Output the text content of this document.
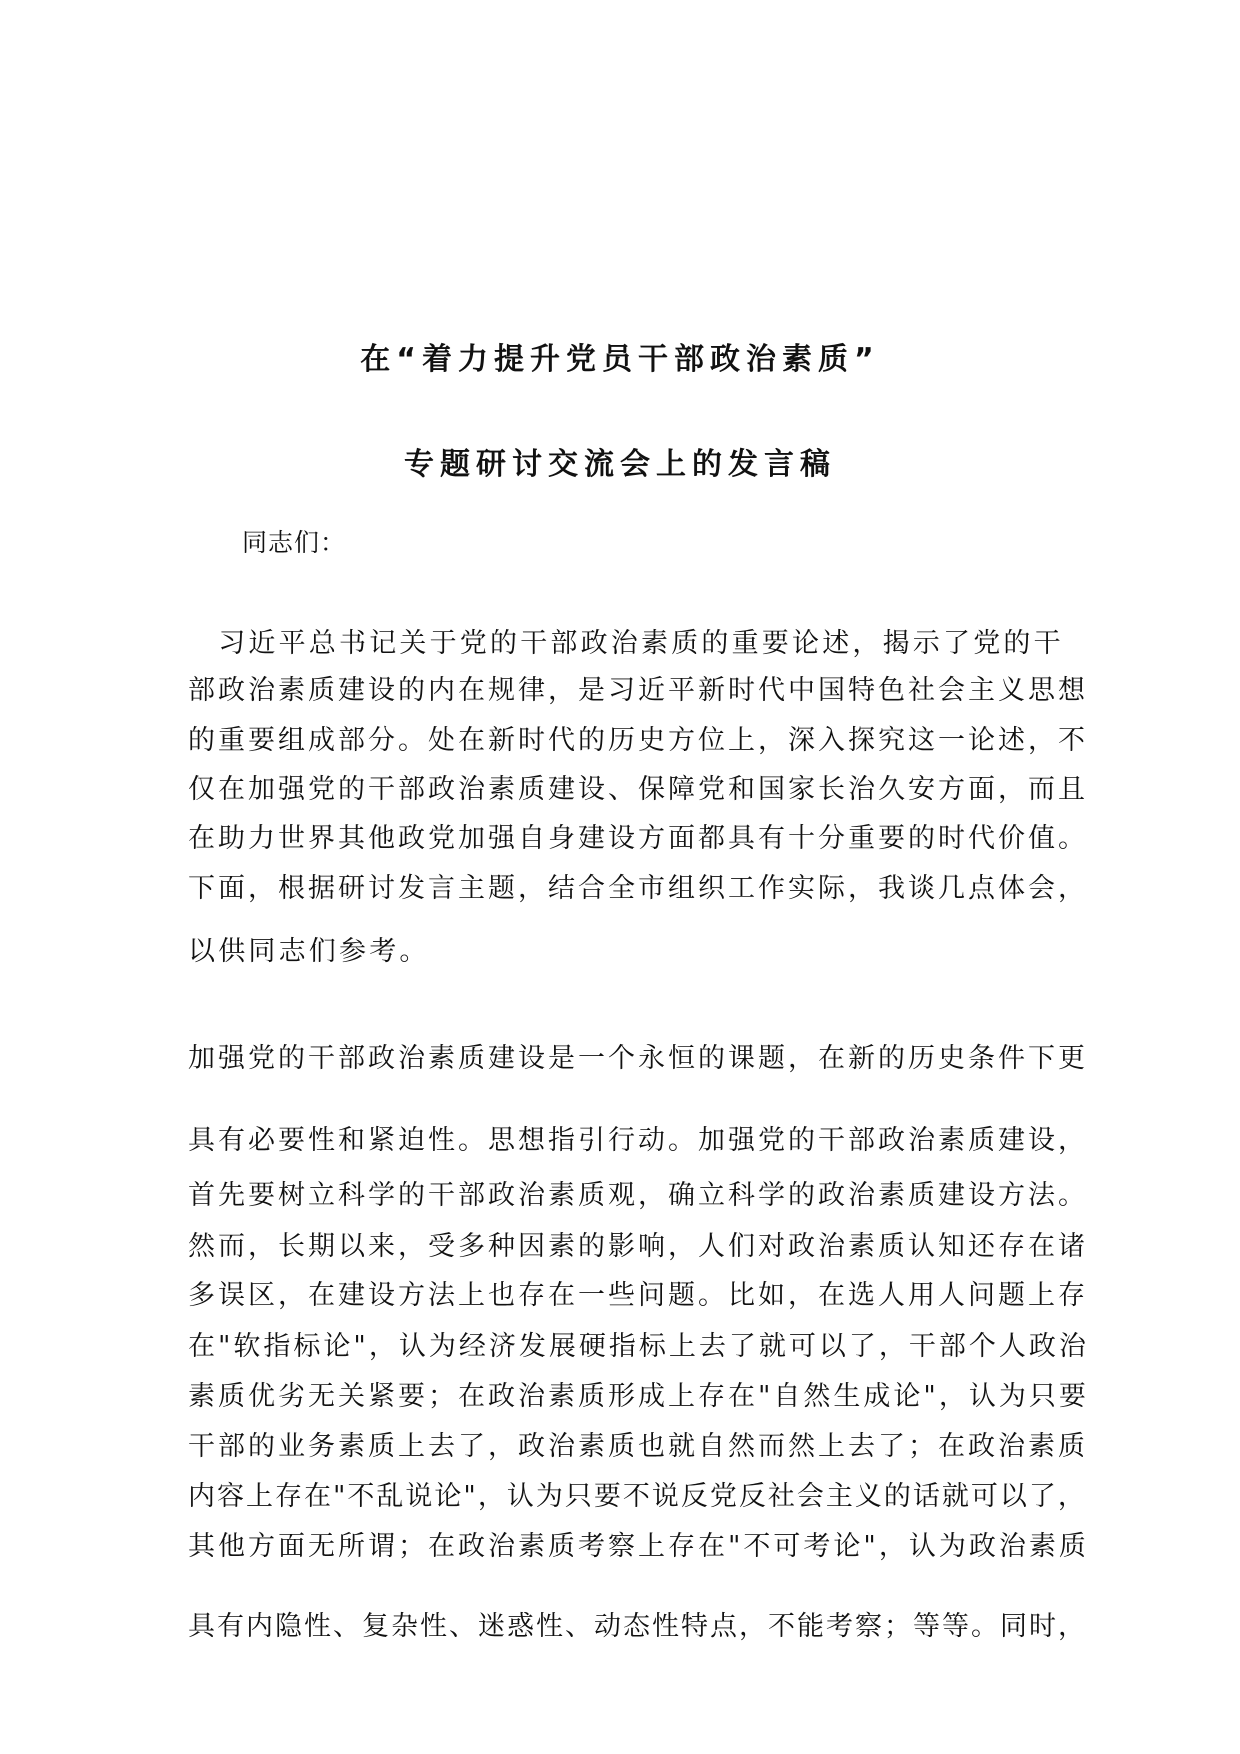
在“着力提升党员干部政治素质”
专题研讨交流会上的发言稿

同志们：

　习近平总书记关于党的干部政治素质的重要论述，揭示了党的干

部政治素质建设的内在规律，是习近平新时代中国特色社会主义思想

的重要组成部分。处在新时代的历史方位上，深入探究这一论述，不

仅在加强党的干部政治素质建设、保障党和国家长治久安方面，而且

在助力世界其他政党加强自身建设方面都具有十分重要的时代价值。

下面，根据研讨发言主题，结合全市组织工作实际，我谈几点体会，

以供同志们参考。

加强党的干部政治素质建设是一个永恒的课题，在新的历史条件下更

具有必要性和紧迫性。思想指引行动。加强党的干部政治素质建设，

首先要树立科学的干部政治素质观，确立科学的政治素质建设方法。

然而，长期以来，受多种因素的影响，人们对政治素质认知还存在诸

多误区，在建设方法上也存在一些问题。比如，在选人用人问题上存

在"软指标论"，认为经济发展硬指标上去了就可以了，干部个人政治

素质优劣无关紧要；在政治素质形成上存在"自然生成论"，认为只要

干部的业务素质上去了，政治素质也就自然而然上去了；在政治素质

内容上存在"不乱说论"，认为只要不说反党反社会主义的话就可以了，

其他方面无所谓；在政治素质考察上存在"不可考论"，认为政治素质

具有内隐性、复杂性、迷惑性、动态性特点，不能考察；等等。同时，
